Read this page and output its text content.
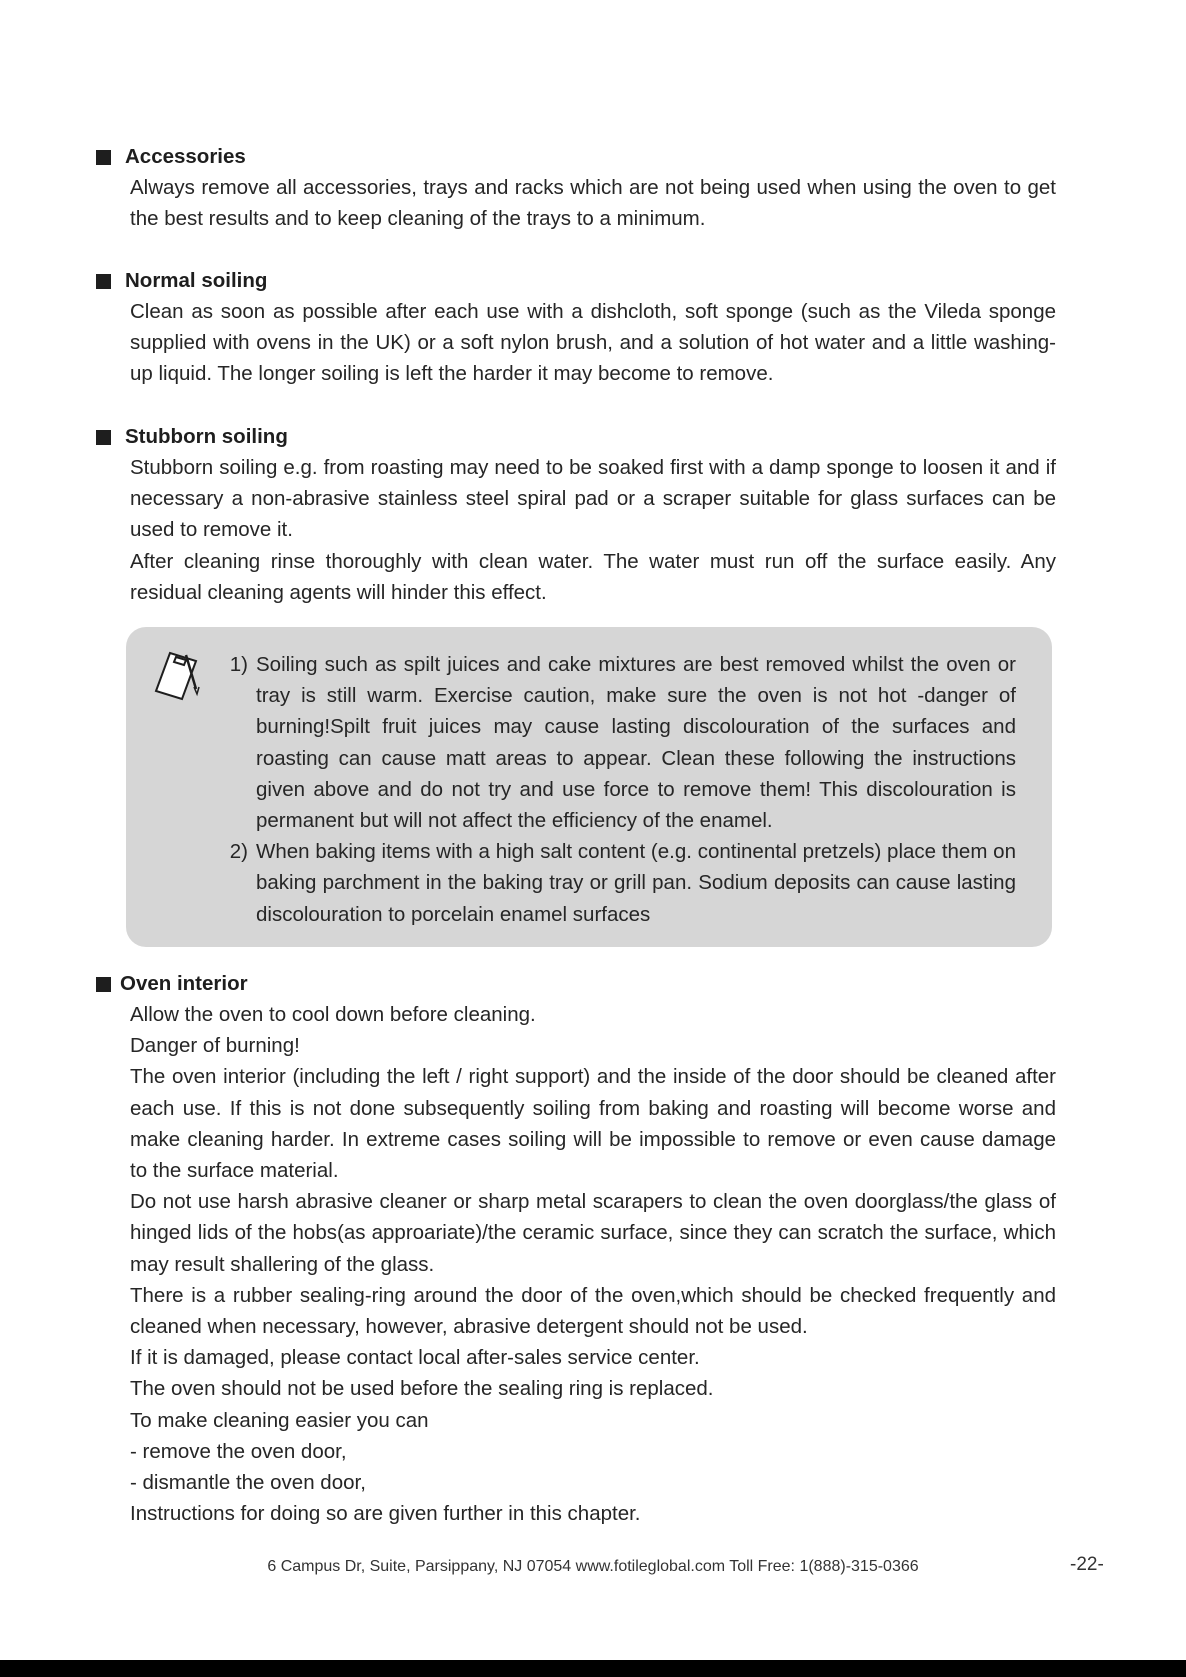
Accessories

Always remove all accessories, trays and racks which are not being used when using the oven to get the best results and to keep cleaning of the trays to a minimum.

Normal soiling

Clean as soon as possible after each use with a dishcloth, soft sponge (such as the Vileda sponge supplied with ovens in the UK) or a soft nylon brush, and a solution of hot water and a little washing-up liquid. The longer soiling is left the harder it may become to remove.

Stubborn soiling

Stubborn soiling e.g. from roasting may need to be soaked first with a damp sponge to loosen it and if necessary a non-abrasive stainless steel spiral pad or a scraper suitable for glass surfaces can be used to remove it.

After cleaning rinse thoroughly with clean water. The water must run off the surface easily. Any residual cleaning agents will hinder this effect.

1) Soiling such as spilt juices and cake mixtures are best removed whilst the oven or tray is still warm. Exercise caution, make sure the oven is not hot -danger of burning!Spilt fruit juices may cause lasting discolouration of the surfaces and roasting can cause matt areas to appear. Clean these following the instructions given above and do not try and use force to remove them! This discolouration is permanent but will not affect the efficiency of the enamel.
2) When baking items with a high salt content (e.g. continental pretzels) place them on baking parchment in the baking tray or grill pan. Sodium deposits can cause lasting discolouration to porcelain enamel surfaces
Oven interior

Allow the oven to cool down before cleaning.

Danger of burning!

The oven interior (including the left / right support) and the inside of the door should be cleaned after each use. If this is not done subsequently soiling from baking and roasting will become worse and make cleaning harder. In extreme cases soiling will be impossible to remove or even cause damage to the surface material.

Do not use harsh abrasive cleaner or sharp metal scarapers to clean the oven doorglass/the glass of hinged lids of the hobs(as approariate)/the ceramic surface, since they can scratch the surface, which may result shallering of the glass.

There is a rubber sealing-ring around the door of the oven,which should be checked frequently and cleaned when necessary, however, abrasive detergent should not be used.

If it is damaged, please contact local after-sales service center.

The oven should not be used before the sealing ring is replaced.

To make cleaning easier you can

- remove the oven door,

- dismantle the oven door,

Instructions for doing so are given further in this chapter.

6 Campus Dr, Suite, Parsippany, NJ 07054 www.fotileglobal.com Toll Free: 1(888)-315-0366	-22-
